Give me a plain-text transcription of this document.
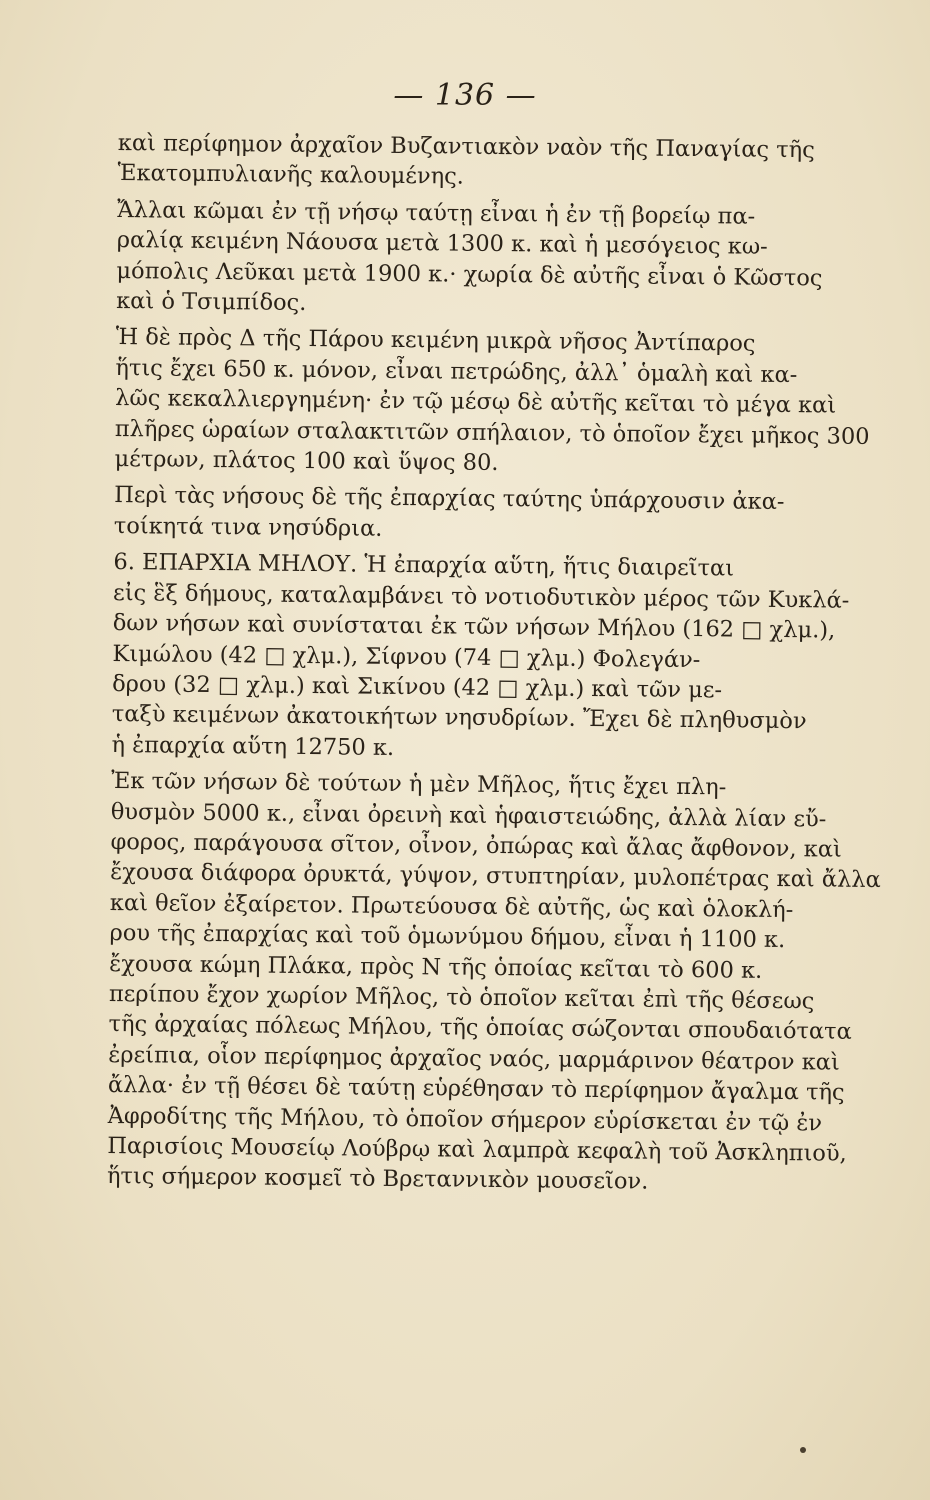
— 136 —

καὶ περίφημον ἀρχαῖον Βυζαντιακὸν ναὸν τῆς Παναγίας τῆς
Ἑκατομπυλιανῆς καλουμένης.

Ἄλλαι κῶμαι ἐν τῇ νήσῳ ταύτῃ εἶναι ἡ ἐν τῇ βορείῳ πα-
ραλίᾳ κειμένη Νάουσα μετὰ 1300 κ. καὶ ἡ μεσόγειος κω-
μόπολις Λεῦκαι μετὰ 1900 κ.· χωρία δὲ αὐτῆς εἶναι ὁ Κῶστος
καὶ ὁ Τσιμπίδος.

Ἡ δὲ πρὸς Δ τῆς Πάρου κειμένη μικρὰ νῆσος Ἀντίπαρος
ἥτις ἔχει 650 κ. μόνον, εἶναι πετρώδης, ἀλλ᾽ ὁμαλὴ καὶ κα-
λῶς κεκαλλιεργημένη· ἐν τῷ μέσῳ δὲ αὐτῆς κεῖται τὸ μέγα καὶ
πλῆρες ὡραίων σταλακτιτῶν σπήλαιον, τὸ ὁποῖον ἔχει μῆκος 300
μέτρων, πλάτος 100 καὶ ὕψος 80.

Περὶ τὰς νήσους δὲ τῆς ἐπαρχίας ταύτης ὑπάρχουσιν ἀκα-
τοίκητά τινα νησύδρια.

6. ΕΠΑΡΧΙΑ ΜΗΛΟΥ. Ἡ ἐπαρχία αὕτη, ἥτις διαιρεῖται
εἰς ἓξ δήμους, καταλαμβάνει τὸ νοτιοδυτικὸν μέρος τῶν Κυκλά-
δων νήσων καὶ συνίσταται ἐκ τῶν νήσων Μήλου (162 □ χλμ.),
Κιμώλου (42 □ χλμ.), Σίφνου (74 □ χλμ.) Φολεγάν-
δρου (32 □ χλμ.) καὶ Σικίνου (42 □ χλμ.) καὶ τῶν με-
ταξὺ κειμένων ἀκατοικήτων νησυδρίων. Ἔχει δὲ πληθυσμὸν
ἡ ἐπαρχία αὕτη 12750 κ.

Ἐκ τῶν νήσων δὲ τούτων ἡ μὲν Μῆλος, ἥτις ἔχει πλη-
θυσμὸν 5000 κ., εἶναι ὀρεινὴ καὶ ἡφαιστειώδης, ἀλλὰ λίαν εὔ-
φορος, παράγουσα σῖτον, οἶνον, ὀπώρας καὶ ἄλας ἄφθονον, καὶ
ἔχουσα διάφορα ὀρυκτά, γύψον, στυπτηρίαν, μυλοπέτρας καὶ ἄλλα
καὶ θεῖον ἐξαίρετον. Πρωτεύουσα δὲ αὐτῆς, ὡς καὶ ὁλοκλή-
ρου τῆς ἐπαρχίας καὶ τοῦ ὁμωνύμου δήμου, εἶναι ἡ 1100 κ.
ἔχουσα κώμη Πλάκα, πρὸς Ν τῆς ὁποίας κεῖται τὸ 600 κ.
περίπου ἔχον χωρίον Μῆλος, τὸ ὁποῖον κεῖται ἐπὶ τῆς θέσεως
τῆς ἀρχαίας πόλεως Μήλου, τῆς ὁποίας σώζονται σπουδαιότατα
ἐρείπια, οἷον περίφημος ἀρχαῖος ναός, μαρμάρινον θέατρον καὶ
ἄλλα· ἐν τῇ θέσει δὲ ταύτῃ εὑρέθησαν τὸ περίφημον ἄγαλμα τῆς
Ἀφροδίτης τῆς Μήλου, τὸ ὁποῖον σήμερον εὑρίσκεται ἐν τῷ ἐν
Παρισίοις Μουσείῳ Λούβρῳ καὶ λαμπρὰ κεφαλὴ τοῦ Ἀσκληπιοῦ,
ἥτις σήμερον κοσμεῖ τὸ Βρεταννικὸν μουσεῖον.
